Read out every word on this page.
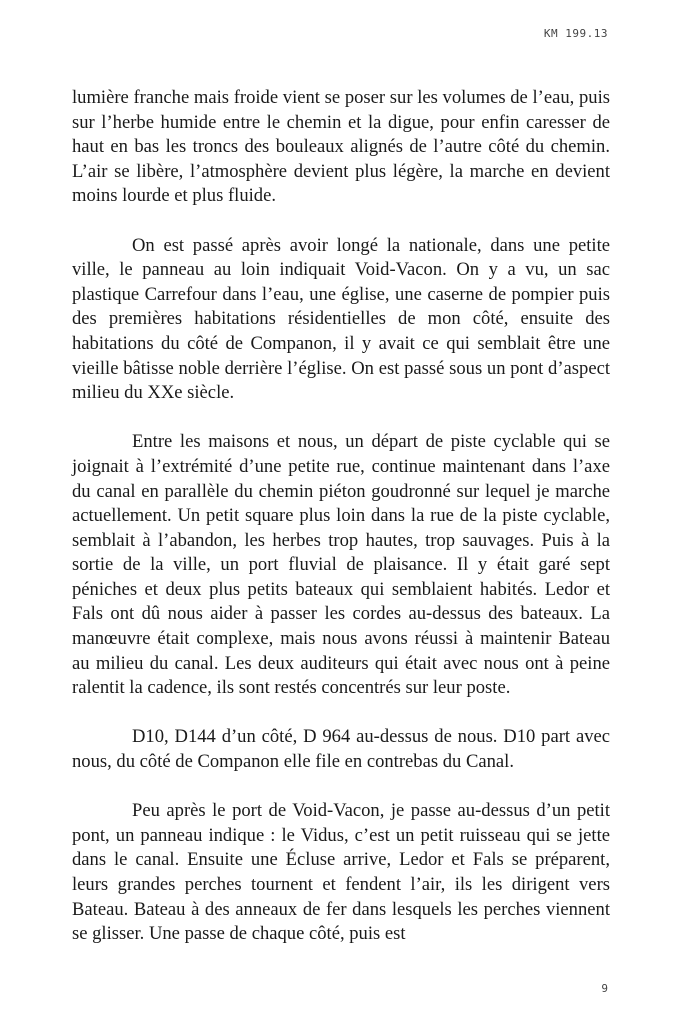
KM 199.13

lumière franche mais froide vient se poser sur les volumes de l’eau, puis sur l’herbe humide entre le chemin et la digue, pour enfin caresser de haut en bas les troncs des bouleaux alignés de l’autre côté du chemin. L’air se libère, l’atmosphère devient plus légère, la marche en devient moins lourde et plus fluide.

On est passé après avoir longé la nationale, dans une petite ville, le panneau au loin indiquait Void-Vacon. On y a vu, un sac plastique Carrefour dans l’eau, une église, une caserne de pompier puis des premières habitations résidentielles de mon côté, ensuite des habitations du côté de Companon, il y avait ce qui semblait être une vieille bâtisse noble derrière l’église. On est passé sous un pont d’aspect milieu du XXe siècle.

Entre les maisons et nous, un départ de piste cyclable qui se joignait à l’extrémité d’une petite rue, continue maintenant dans l’axe du canal en parallèle du chemin piéton goudronné sur lequel je marche actuellement. Un petit square plus loin dans la rue de la piste cyclable, semblait à l’abandon, les herbes trop hautes, trop sauvages. Puis à la sortie de la ville, un port fluvial de plaisance. Il y était garé sept péniches et deux plus petits bateaux qui semblaient habités. Ledor et Fals ont dû nous aider à passer les cordes au-dessus des bateaux. La manœuvre était complexe, mais nous avons réussi à maintenir Bateau au milieu du canal. Les deux auditeurs qui était avec nous ont à peine ralentit la cadence, ils sont restés concentrés sur leur poste.

D10, D144 d’un côté, D 964 au-dessus de nous. D10 part avec nous, du côté de Companon elle file en contrebas du Canal.

Peu après le port de Void-Vacon, je passe au-dessus d’un petit pont, un panneau indique : le Vidus, c’est un petit ruisseau qui se jette dans le canal. Ensuite une Écluse arrive, Ledor et Fals se préparent, leurs grandes perches tournent et fendent l’air, ils les dirigent vers Bateau. Bateau à des anneaux de fer dans lesquels les perches viennent se glisser. Une passe de chaque côté, puis est

9
